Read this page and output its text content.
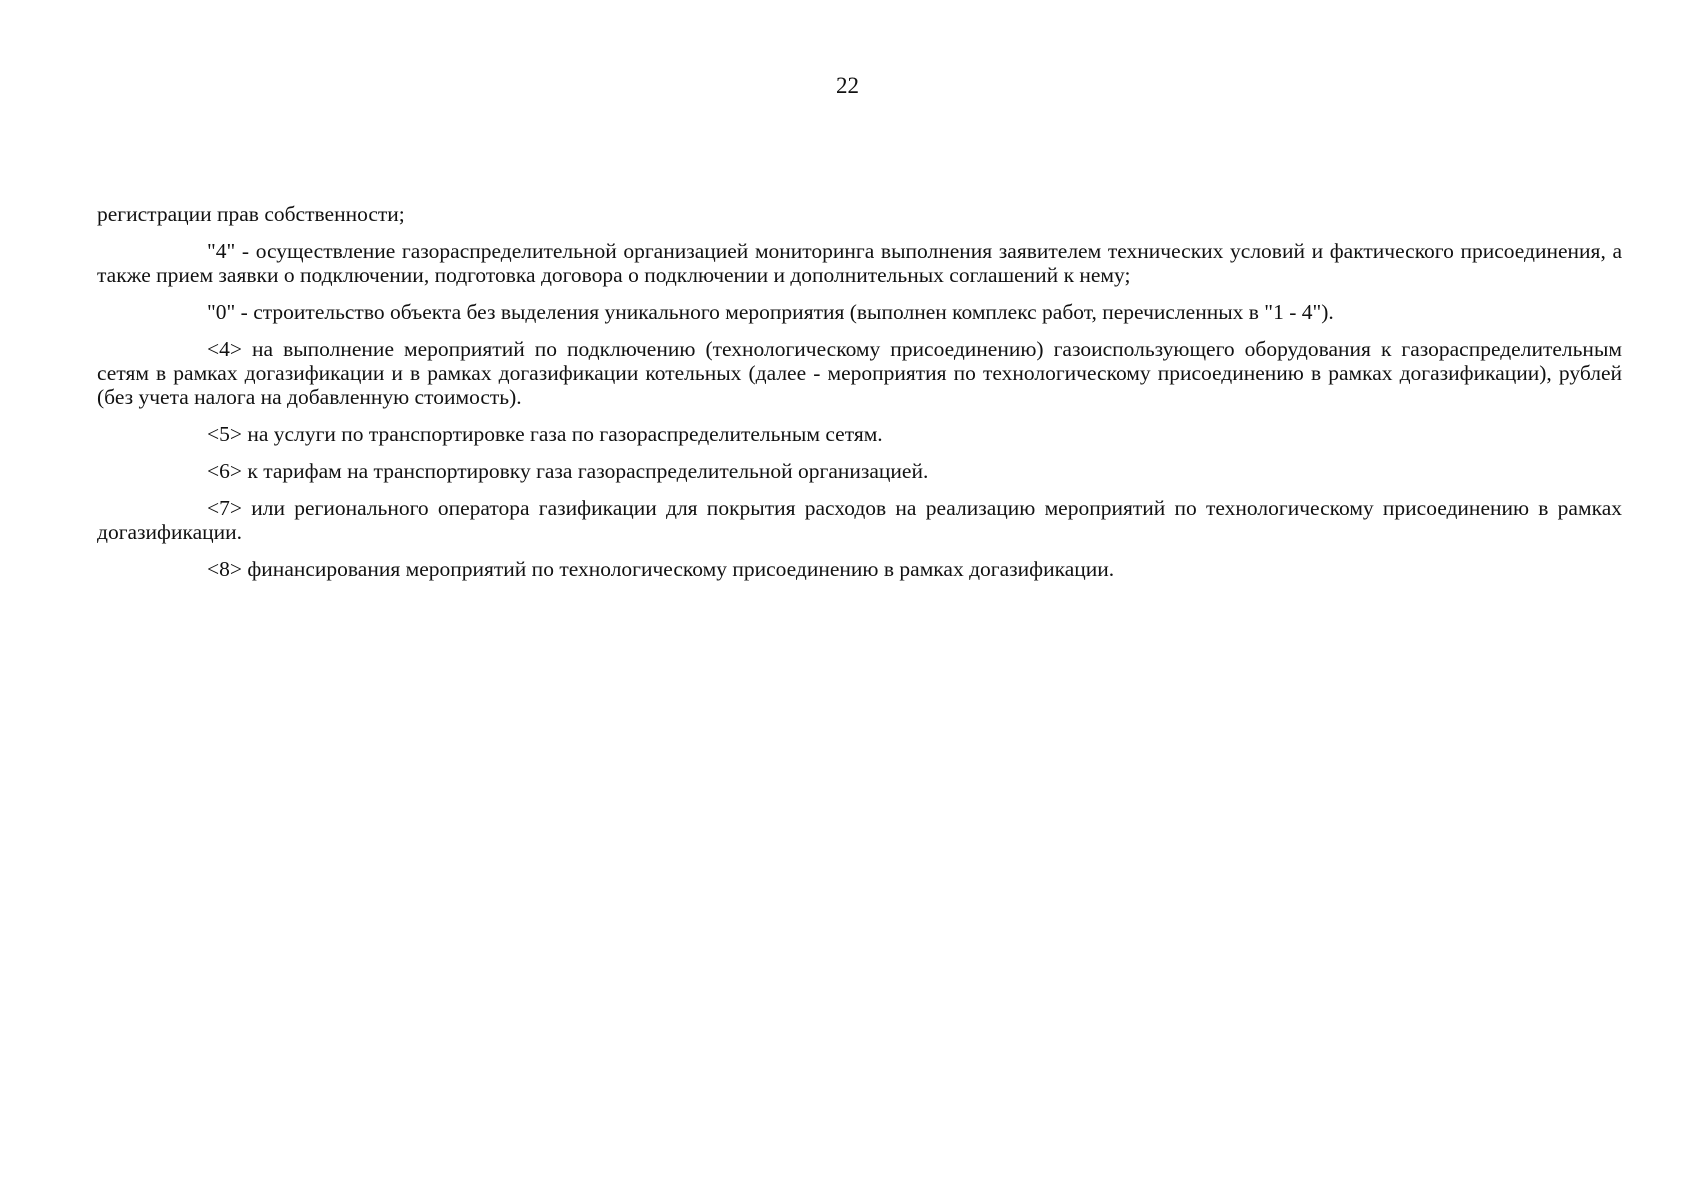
22

регистрации прав собственности;

"4" - осуществление газораспределительной организацией мониторинга выполнения заявителем технических условий и фактического присоединения, а также прием заявки о подключении, подготовка договора о подключении и дополнительных соглашений к нему;

"0" - строительство объекта без выделения уникального мероприятия (выполнен комплекс работ, перечисленных в "1 - 4").

<4> на выполнение мероприятий по подключению (технологическому присоединению) газоиспользующего оборудования к газораспределительным сетям в рамках догазификации и в рамках догазификации котельных (далее - мероприятия по технологическому присоединению в рамках догазификации), рублей (без учета налога на добавленную стоимость).

<5> на услуги по транспортировке газа по газораспределительным сетям.

<6> к тарифам на транспортировку газа газораспределительной организацией.

<7> или регионального оператора газификации для покрытия расходов на реализацию мероприятий по технологическому присоединению в рамках догазификации.

<8> финансирования мероприятий по технологическому присоединению в рамках догазификации.
